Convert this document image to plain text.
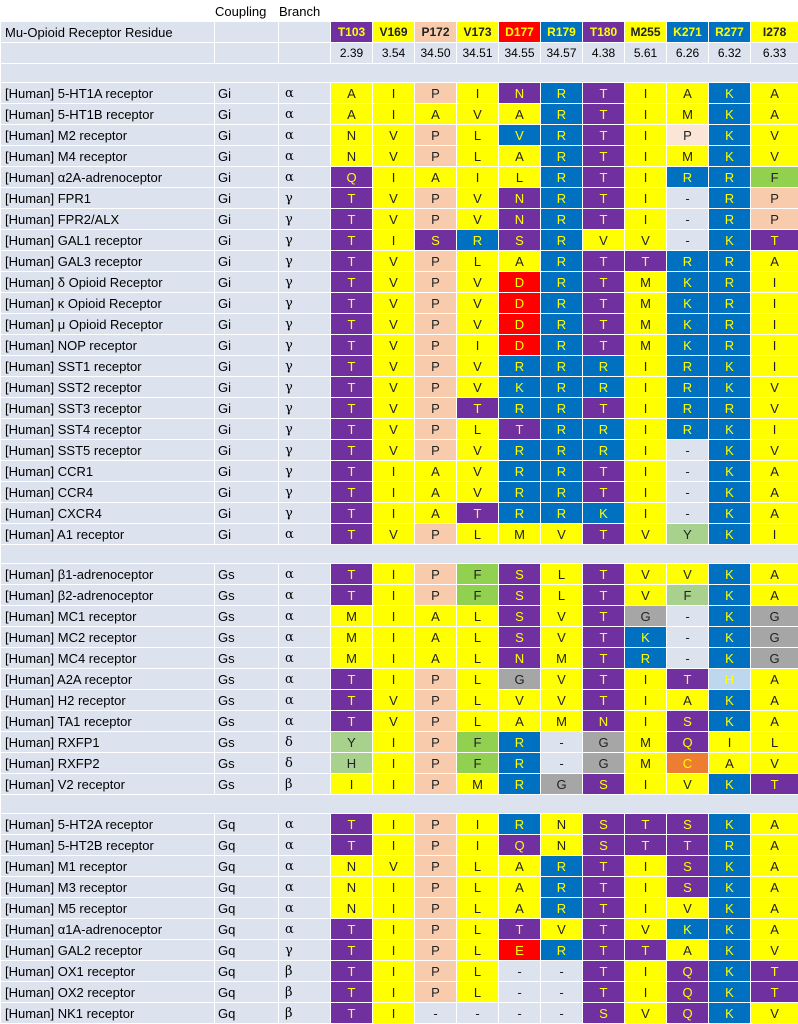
	Coupling	Branch											
Mu-Opioid Receptor Residue			T103	V169	P172	V173	D177	R179	T180	M255	K271	R277	I278
			2.39	3.54	34.50	34.51	34.55	34.57	4.38	5.61	6.26	6.32	6.33

[Human] 5-HT1A receptor	Gi	α	A	I	P	I	N	R	T	I	A	K	A
[Human] 5-HT1B receptor	Gi	α	A	I	A	V	A	R	T	I	M	K	A
[Human] M2 receptor	Gi	α	N	V	P	L	V	R	T	I	P	K	V
[Human] M4 receptor	Gi	α	N	V	P	L	A	R	T	I	M	K	V
[Human] α2A-adrenoceptor	Gi	α	Q	I	A	I	L	R	T	I	R	R	F
[Human] FPR1	Gi	γ	T	V	P	V	N	R	T	I	-	R	P
[Human] FPR2/ALX	Gi	γ	T	V	P	V	N	R	T	I	-	R	P
[Human] GAL1 receptor	Gi	γ	T	I	S	R	S	R	V	V	-	K	T
[Human] GAL3 receptor	Gi	γ	T	V	P	L	A	R	T	T	R	R	A
[Human] δ Opioid Receptor	Gi	γ	T	V	P	V	D	R	T	M	K	R	I
[Human] κ Opioid Receptor	Gi	γ	T	V	P	V	D	R	T	M	K	R	I
[Human] μ Opioid Receptor	Gi	γ	T	V	P	V	D	R	T	M	K	R	I
[Human] NOP receptor	Gi	γ	T	V	P	I	D	R	T	M	K	R	I
[Human] SST1 receptor	Gi	γ	T	V	P	V	R	R	R	I	R	K	I
[Human] SST2 receptor	Gi	γ	T	V	P	V	K	R	R	I	R	K	V
[Human] SST3 receptor	Gi	γ	T	V	P	T	R	R	T	I	R	R	V
[Human] SST4 receptor	Gi	γ	T	V	P	L	T	R	R	I	R	K	I
[Human] SST5 receptor	Gi	γ	T	V	P	V	R	R	R	I	-	K	V
[Human] CCR1	Gi	γ	T	I	A	V	R	R	T	I	-	K	A
[Human] CCR4	Gi	γ	T	I	A	V	R	R	T	I	-	K	A
[Human] CXCR4	Gi	γ	T	I	A	T	R	R	K	I	-	K	A
[Human] A1 receptor	Gi	α	T	V	P	L	M	V	T	V	Y	K	I

[Human] β1-adrenoceptor	Gs	α	T	I	P	F	S	L	T	V	V	K	A
[Human] β2-adrenoceptor	Gs	α	T	I	P	F	S	L	T	V	F	K	A
[Human] MC1 receptor	Gs	α	M	I	A	L	S	V	T	G	-	K	G
[Human] MC2 receptor	Gs	α	M	I	A	L	S	V	T	K	-	K	G
[Human] MC4 receptor	Gs	α	M	I	A	L	N	M	T	R	-	K	G
[Human] A2A receptor	Gs	α	T	I	P	L	G	V	T	I	T	H	A
[Human] H2 receptor	Gs	α	T	V	P	L	V	V	T	I	A	K	A
[Human] TA1 receptor	Gs	α	T	V	P	L	A	M	N	I	S	K	A
[Human] RXFP1	Gs	δ	Y	I	P	F	R	-	G	M	Q	I	L
[Human] RXFP2	Gs	δ	H	I	P	F	R	-	G	M	C	A	V
[Human] V2 receptor	Gs	β	I	I	P	M	R	G	S	I	V	K	T

[Human] 5-HT2A receptor	Gq	α	T	I	P	I	R	N	S	T	S	K	A
[Human] 5-HT2B receptor	Gq	α	T	I	P	I	Q	N	S	T	T	R	A
[Human] M1 receptor	Gq	α	N	V	P	L	A	R	T	I	S	K	A
[Human] M3 receptor	Gq	α	N	I	P	L	A	R	T	I	S	K	A
[Human] M5 receptor	Gq	α	N	I	P	L	A	R	T	I	V	K	A
[Human] α1A-adrenoceptor	Gq	α	T	I	P	L	T	V	T	V	K	K	A
[Human] GAL2 receptor	Gq	γ	T	I	P	L	E	R	T	T	A	K	V
[Human] OX1 receptor	Gq	β	T	I	P	L	-	-	T	I	Q	K	T
[Human] OX2 receptor	Gq	β	T	I	P	L	-	-	T	I	Q	K	T
[Human] NK1 receptor	Gq	β	T	I	-	-	-	-	S	V	Q	K	V
